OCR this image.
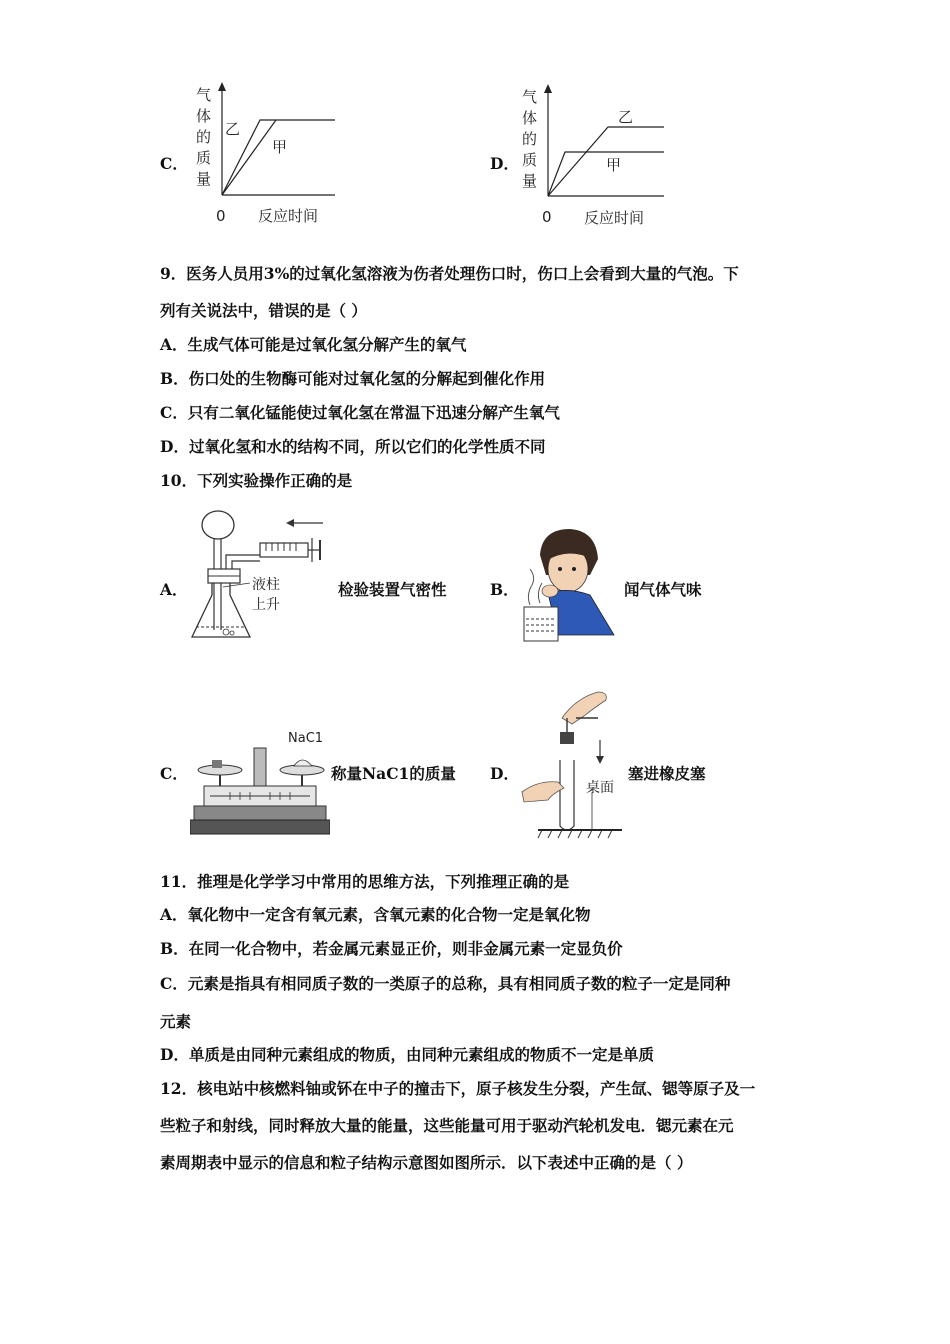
C．
气
体
的
质
量
0 反应时间
乙
甲
D．
气
体
的
质
量
0 反应时间
乙
甲
9．医务人员用3%的过氧化氢溶液为伤者处理伤口时，伤口上会看到大量的气泡。下
列有关说法中，错误的是（ ）
A．生成气体可能是过氧化氢分解产生的氧气
B．伤口处的生物酶可能对过氧化氢的分解起到催化作用
C．只有二氧化锰能使过氧化氢在常温下迅速分解产生氧气
D．过氧化氢和水的结构不同，所以它们的化学性质不同
10．下列实验操作正确的是
A．	液柱
上升
检验装置气密性	B．	闻气体气味
C．
NaC1
称量NaC1的质量 D．
桌面
塞进橡皮塞
11．推理是化学学习中常用的思维方法，下列推理正确的是
A．氧化物中一定含有氧元素，含氧元素的化合物一定是氧化物
B．在同一化合物中，若金属元素显正价，则非金属元素一定显负价
C．元素是指具有相同质子数的一类原子的总称，具有相同质子数的粒子一定是同种
元素
D．单质是由同种元素组成的物质，由同种元素组成的物质不一定是单质
12．核电站中核燃料铀或钚在中子的撞击下，原子核发生分裂，产生氙、锶等原子及一
些粒子和射线，同时释放大量的能量，这些能量可用于驱动汽轮机发电．锶元素在元
素周期表中显示的信息和粒子结构示意图如图所示．以下表述中正确的是（ ）
